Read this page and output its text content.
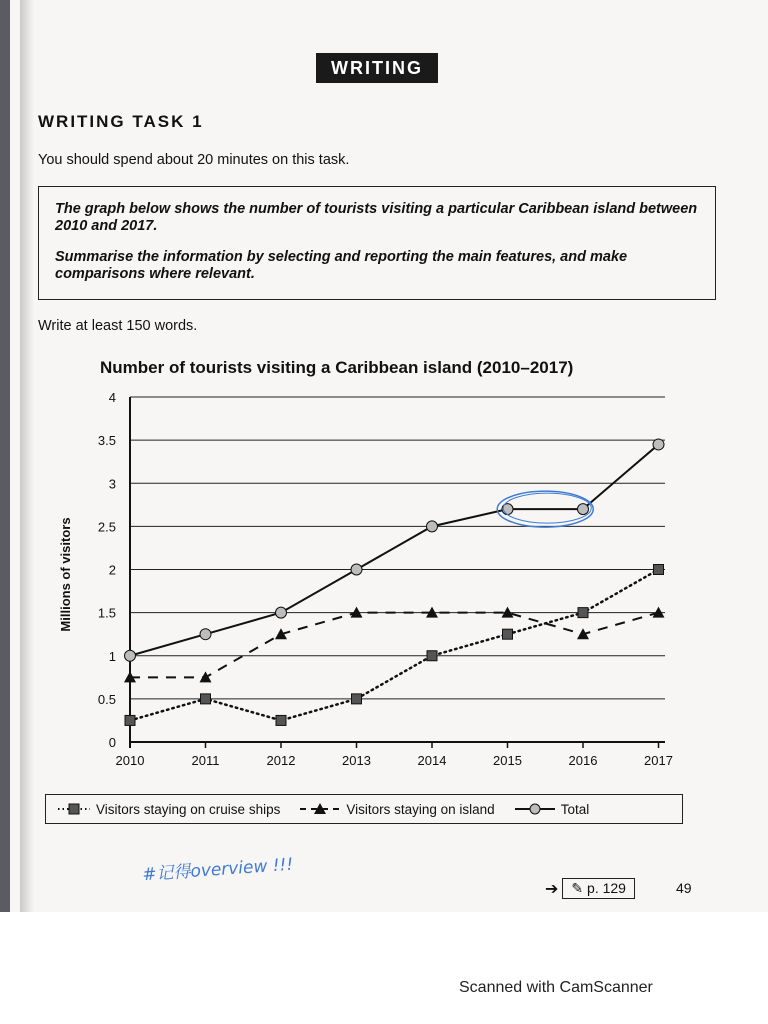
WRITING
WRITING TASK 1
You should spend about 20 minutes on this task.

The graph below shows the number of tourists visiting a particular Caribbean island between 2010 and 2017.

Summarise the information by selecting and reporting the main features, and make comparisons where relevant.

Write at least 150 words.
Number of tourists visiting a Caribbean island (2010–2017)
0
0.5
1
1.5
2
2.5
3
3.5
4
2010	2011	2012	2013	2014	2015	2016	2017
Millions of visitors
Visitors staying on cruise ships	Visitors staying on island	Total
#记得overview !!!
➔ ✎ p. 129	49
Scanned with CamScanner
